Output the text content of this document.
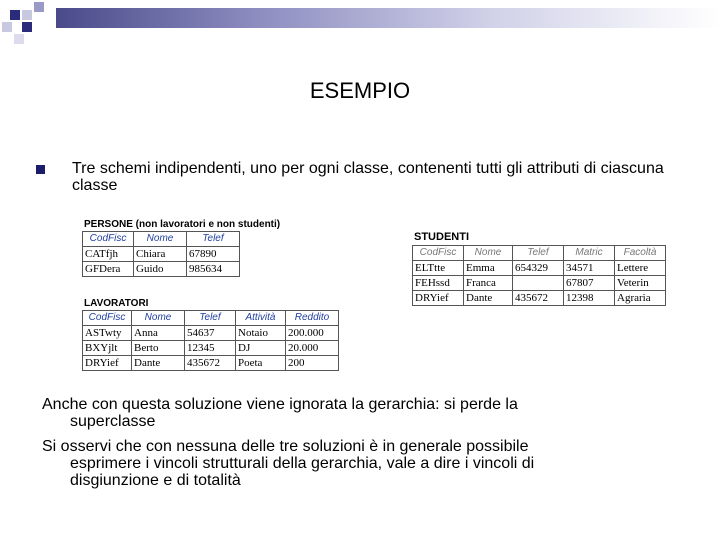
ESEMPIO
Tre schemi indipendenti, uno per ogni classe, contenenti tutti gli attributi di ciascuna classe
PERSONE (non lavoratori e non studenti)
CodFisc	Nome	Telef
CATfjh	Chiara	67890
GFDera	Guido	985634
LAVORATORI
CodFisc	Nome	Telef	Attività	Reddito
ASTwty	Anna	54637	Notaio	200.000
BXYjlt	Berto	12345	DJ	20.000
DRYief	Dante	435672	Poeta	200
STUDENTI
CodFisc	Nome	Telef	Matric	Facoltà
ELTtte	Emma	654329	34571	Lettere
FEHssd	Franca		67807	Veterin
DRYief	Dante	435672	12398	Agraria
Anche con questa soluzione viene ignorata la gerarchia: si perde la
superclasse
Si osservi che con nessuna delle tre soluzioni è in generale possibile
esprimere i vincoli strutturali della gerarchia, vale a dire i vincoli di
disgiunzione e di totalità
